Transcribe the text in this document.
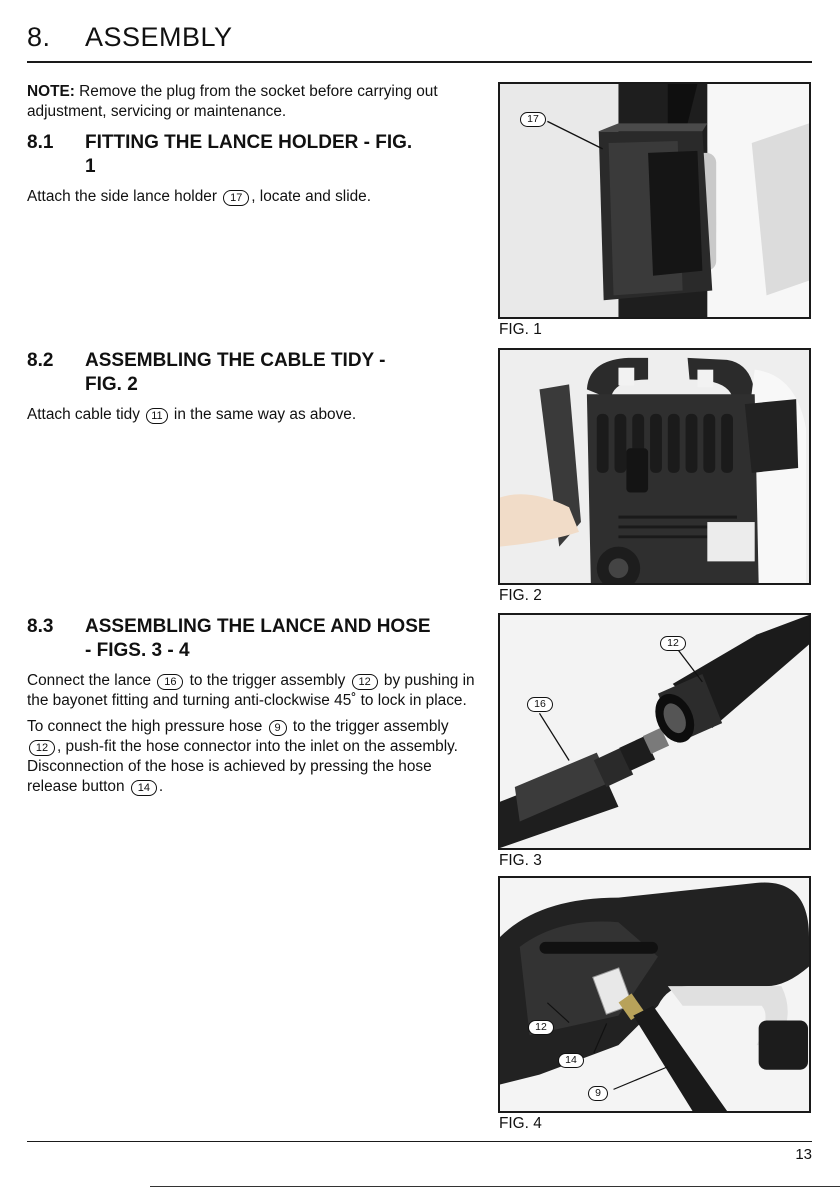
8. ASSEMBLY

NOTE: Remove the plug from the socket before carrying out adjustment, servicing or maintenance.

8.1	FITTING THE LANCE HOLDER - FIG. 1

Attach the side lance holder 17 , locate and slide.

8.2	ASSEMBLING THE CABLE TIDY - FIG. 2

Attach cable tidy 11 in the same way as above.

8.3	ASSEMBLING THE LANCE AND HOSE - FIGS. 3 - 4

Connect the lance 16 to the trigger assembly 12 by pushing in the bayonet fitting and turning anti-clockwise 45˚ to lock in place.

To connect the high pressure hose 9 to the trigger assembly 12 , push-fit the hose connector into the inlet on the assembly. Disconnection of the hose is achieved by pressing the hose release button 14 .

17

FIG. 1

FIG. 2

12
16

FIG. 3

12
14
9

FIG. 4

13
